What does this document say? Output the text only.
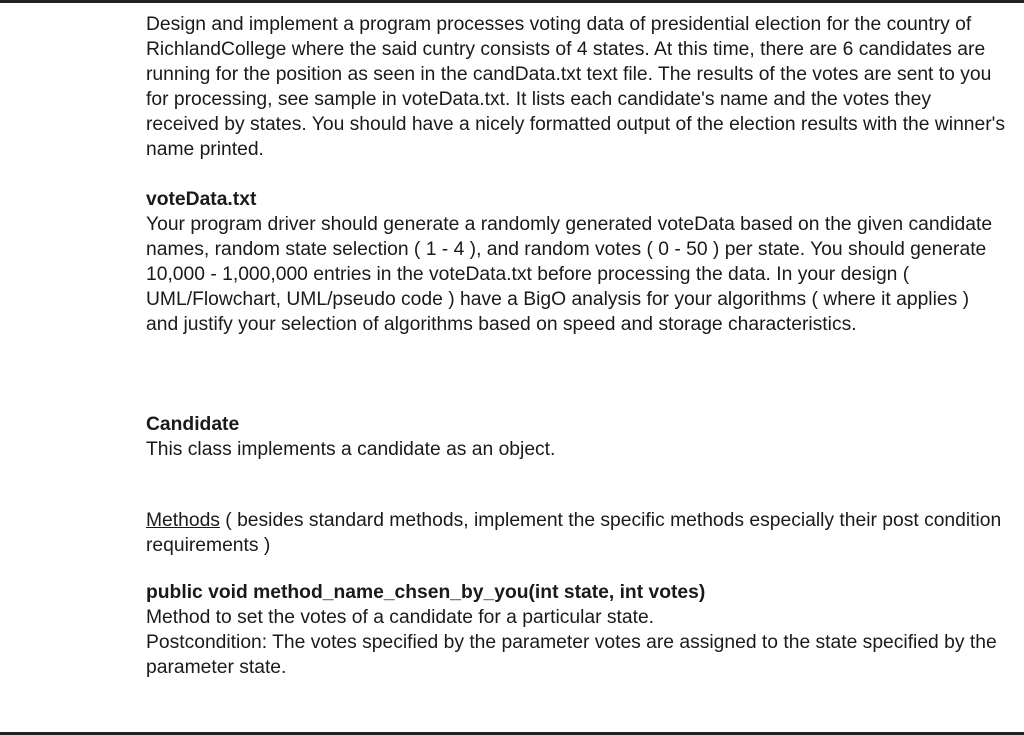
Design and implement a program processes voting data of presidential election for the country of RichlandCollege where the said cuntry consists of 4 states. At this time, there are 6 candidates are running for the position as seen in the candData.txt text file. The results of the votes are sent to you for processing, see sample in voteData.txt. It lists each candidate's name and the votes they received by states. You should have a nicely formatted output of the election results with the winner's name printed.

voteData.txt

Your program driver should generate a randomly generated voteData based on the given candidate names, random state selection ( 1 - 4 ), and random votes ( 0 - 50 ) per state. You should generate 10,000 - 1,000,000 entries in the voteData.txt before processing the data. In your design ( UML/Flowchart, UML/pseudo code ) have a BigO analysis for your algorithms ( where it applies ) and justify your selection of algorithms based on speed and storage characteristics.

Candidate

This class implements a candidate as an object.

Methods ( besides standard methods, implement the specific methods especially their post condition requirements )

public void method_name_chsen_by_you(int state, int votes)

Method to set the votes of a candidate for a particular state.

Postcondition: The votes specified by the parameter votes are assigned to the state specified by the parameter state.
